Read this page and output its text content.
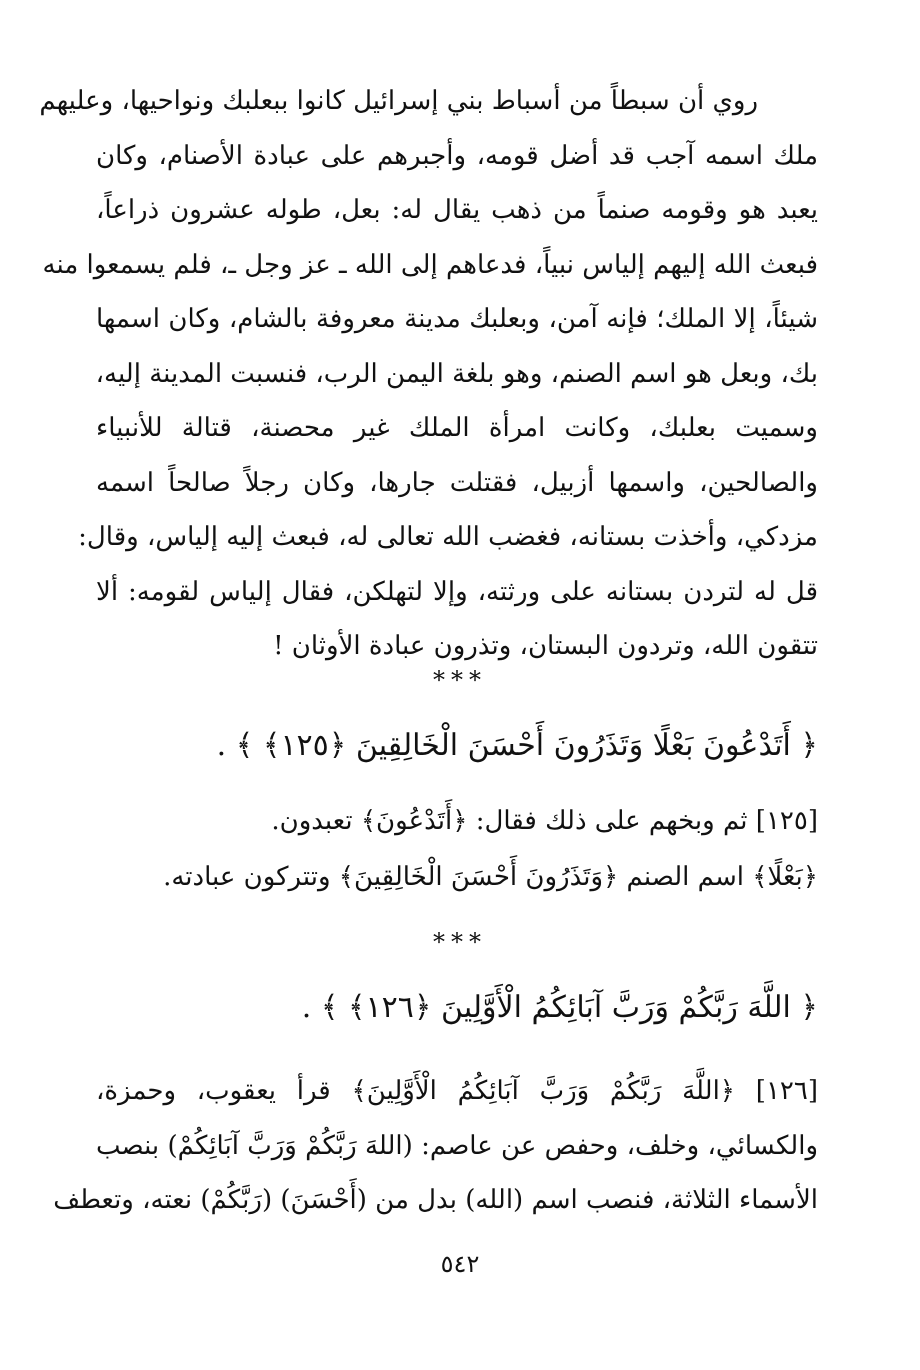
روي أن سبطاً من أسباط بني إسرائيل كانوا ببعلبك ونواحيها، وعليهم
ملك اسمه آجب قد أضل قومه، وأجبرهم على عبادة الأصنام، وكان
يعبد هو وقومه صنماً من ذهب يقال له: بعل، طوله عشرون ذراعاً،
فبعث الله إليهم إلياس نبياً، فدعاهم إلى الله ـ عز وجل ـ، فلم يسمعوا منه
شيئاً، إلا الملك؛ فإنه آمن، وبعلبك مدينة معروفة بالشام، وكان اسمها
بك، وبعل هو اسم الصنم، وهو بلغة اليمن الرب، فنسبت المدينة إليه،
وسميت بعلبك، وكانت امرأة الملك غير محصنة، قتالة للأنبياء
والصالحين، واسمها أزبيل، فقتلت جارها، وكان رجلاً صالحاً اسمه
مزدكي، وأخذت بستانه، فغضب الله تعالى له، فبعث إليه إلياس، وقال:
قل له لتردن بستانه على ورثته، وإلا لتهلكن، فقال إلياس لقومه: ألا
تتقون الله، وتردون البستان، وتذرون عبادة الأوثان !
***
﴿ أَتَدْعُونَ بَعْلًا وَتَذَرُونَ أَحْسَنَ الْخَالِقِينَ ﴿١٢٥﴾ ﴾ .
[١٢٥] ثم وبخهم على ذلك فقال: ﴿أَتَدْعُونَ﴾ تعبدون.
﴿بَعْلًا﴾ اسم الصنم ﴿وَتَذَرُونَ أَحْسَنَ الْخَالِقِينَ﴾ وتتركون عبادته.
***
﴿ اللَّهَ رَبَّكُمْ وَرَبَّ آبَائِكُمُ الْأَوَّلِينَ ﴿١٢٦﴾ ﴾ .
[١٢٦] ﴿اللَّهَ رَبَّكُمْ وَرَبَّ آبَائِكُمُ الْأَوَّلِينَ﴾ قرأ يعقوب، وحمزة،
والكسائي، وخلف، وحفص عن عاصم: (اللهَ رَبَّكُمْ وَرَبَّ آبَائِكُمْ) بنصب
الأسماء الثلاثة، فنصب اسم (الله) بدل من (أَحْسَنَ) (رَبَّكُمْ) نعته، وتعطف
٥٤٢
